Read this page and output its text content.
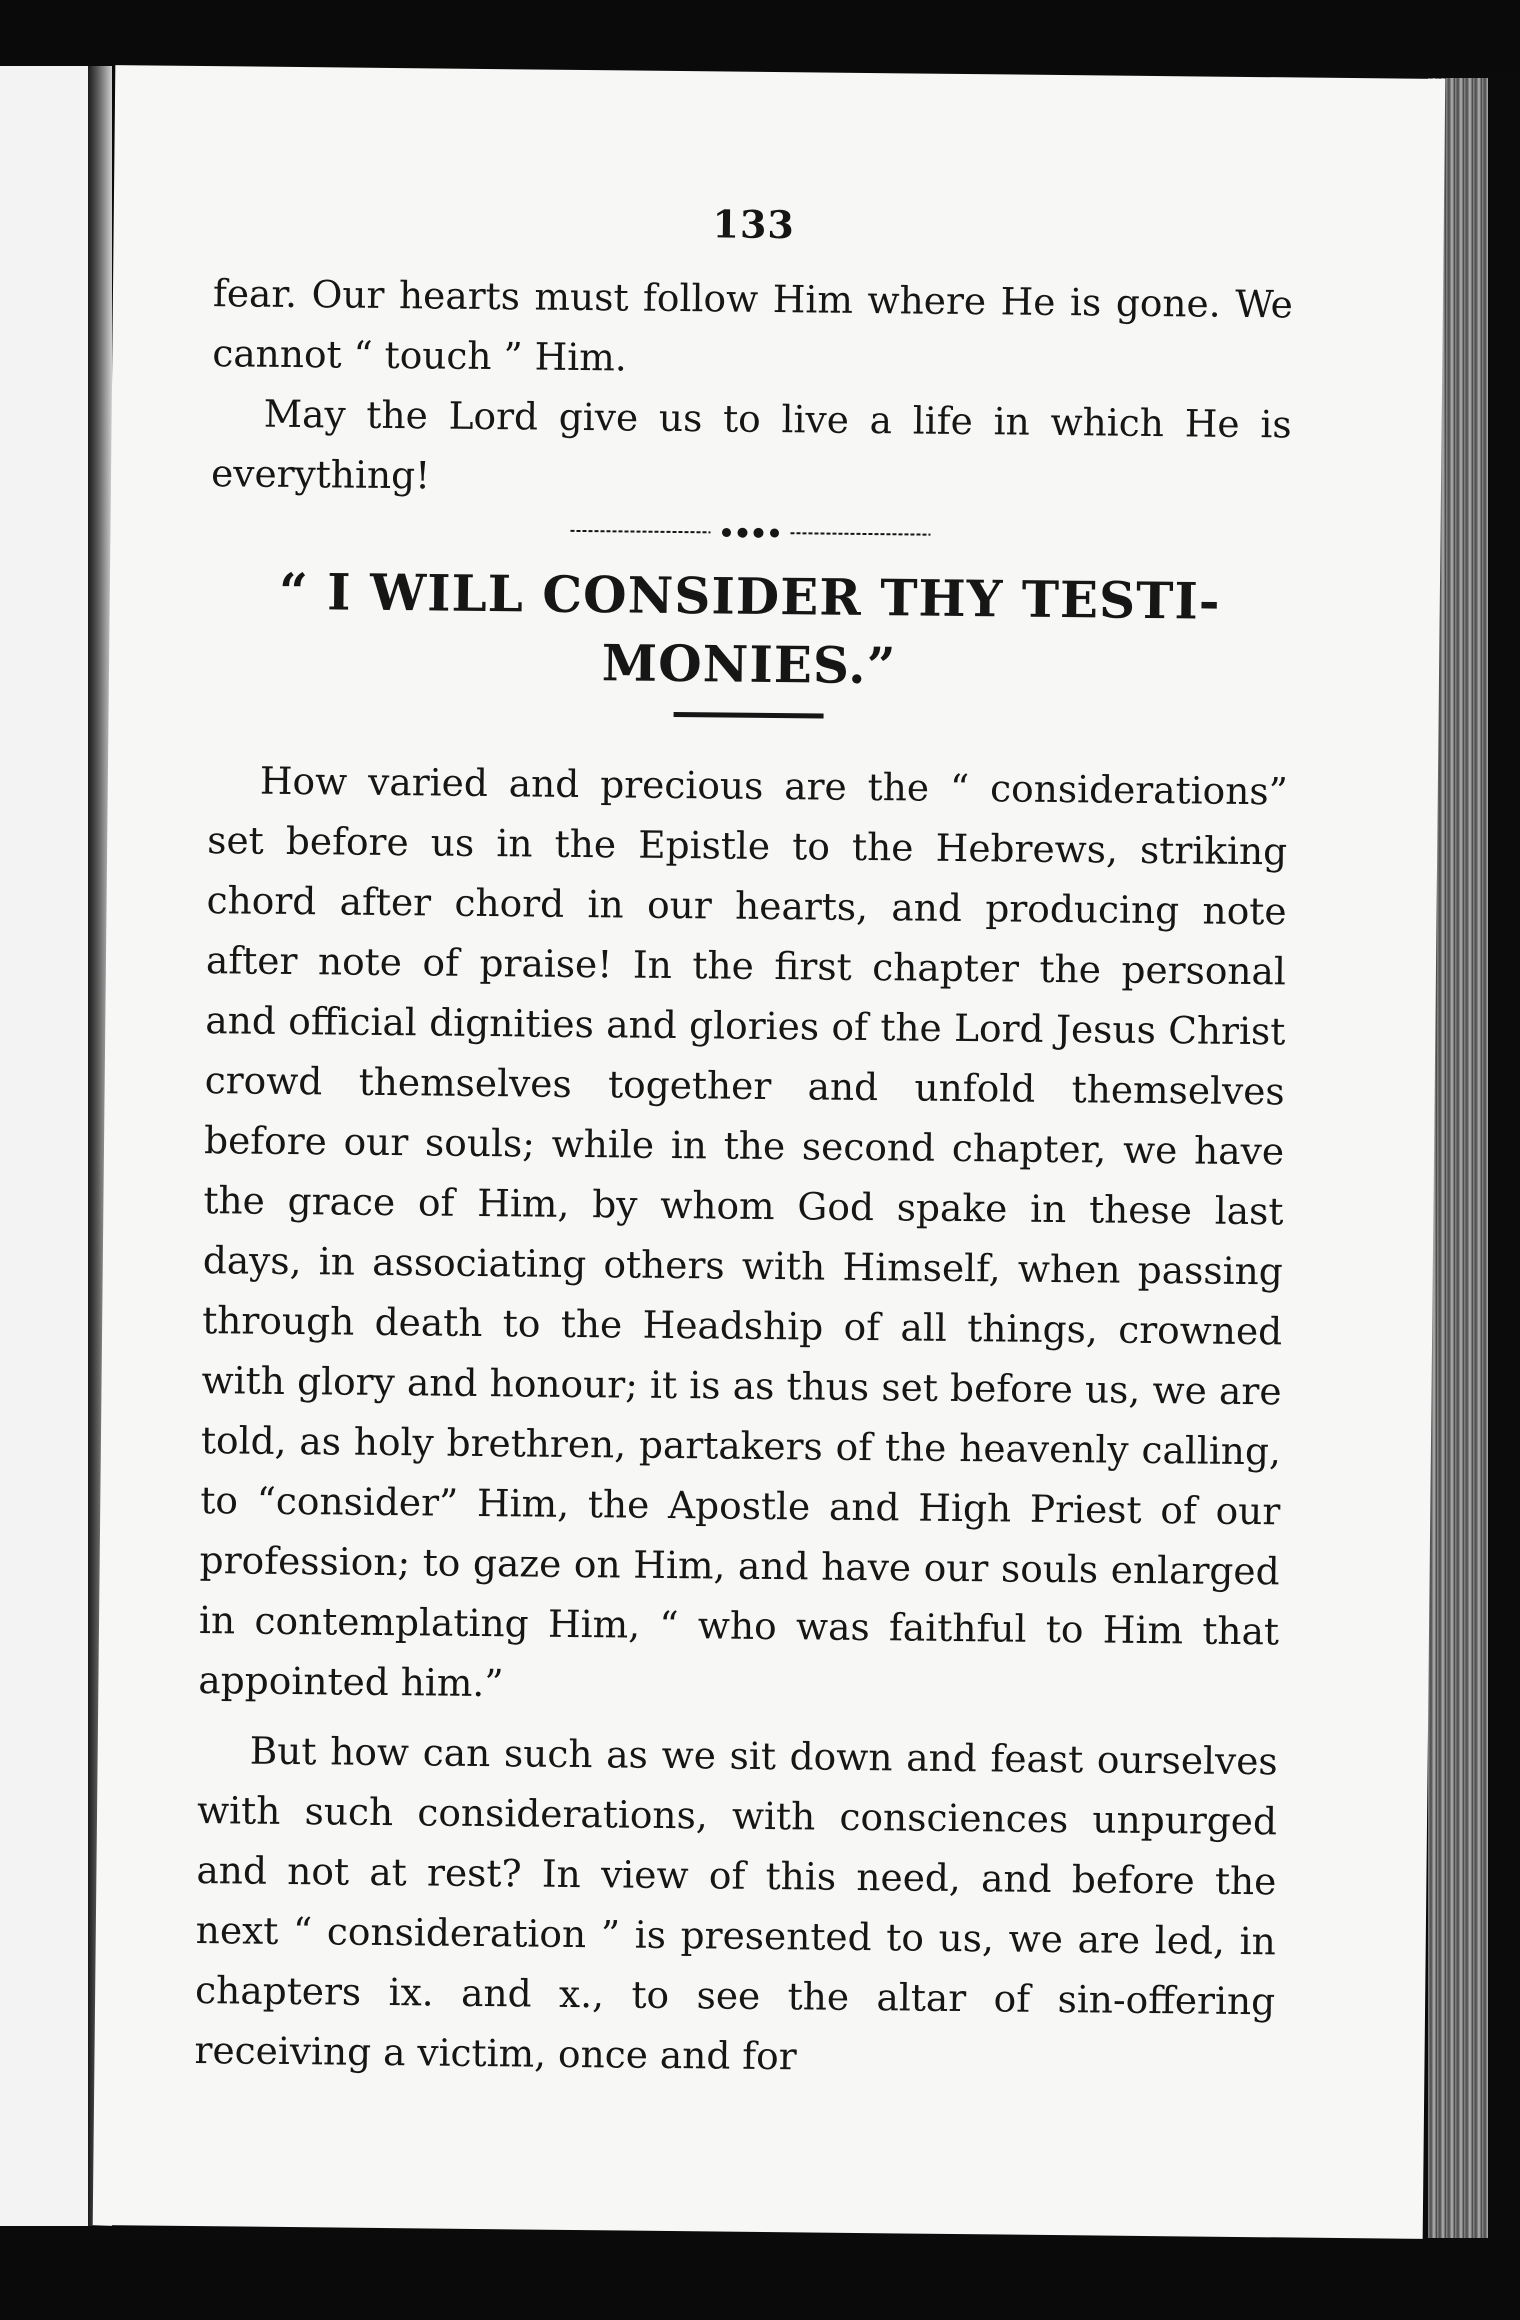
133

fear. Our hearts must follow Him where He is gone. We cannot “ touch ” Him.

May the Lord give us to live a life in which He is everything!

“ I WILL CONSIDER THY TESTI-MONIES.”

How varied and precious are the “ considerations” set before us in the Epistle to the Hebrews, striking chord after chord in our hearts, and producing note after note of praise! In the first chapter the personal and official dignities and glories of the Lord Jesus Christ crowd themselves together and unfold themselves before our souls; while in the second chapter, we have the grace of Him, by whom God spake in these last days, in associating others with Himself, when passing through death to the Headship of all things, crowned with glory and honour; it is as thus set before us, we are told, as holy brethren, partakers of the heavenly calling, to “consider” Him, the Apostle and High Priest of our profession; to gaze on Him, and have our souls enlarged in contemplating Him, “ who was faithful to Him that appointed him.”

But how can such as we sit down and feast ourselves with such considerations, with consciences unpurged and not at rest? In view of this need, and before the next “ consideration ” is presented to us, we are led, in chapters ix. and x., to see the altar of sin-offering receiving a victim, once and for
